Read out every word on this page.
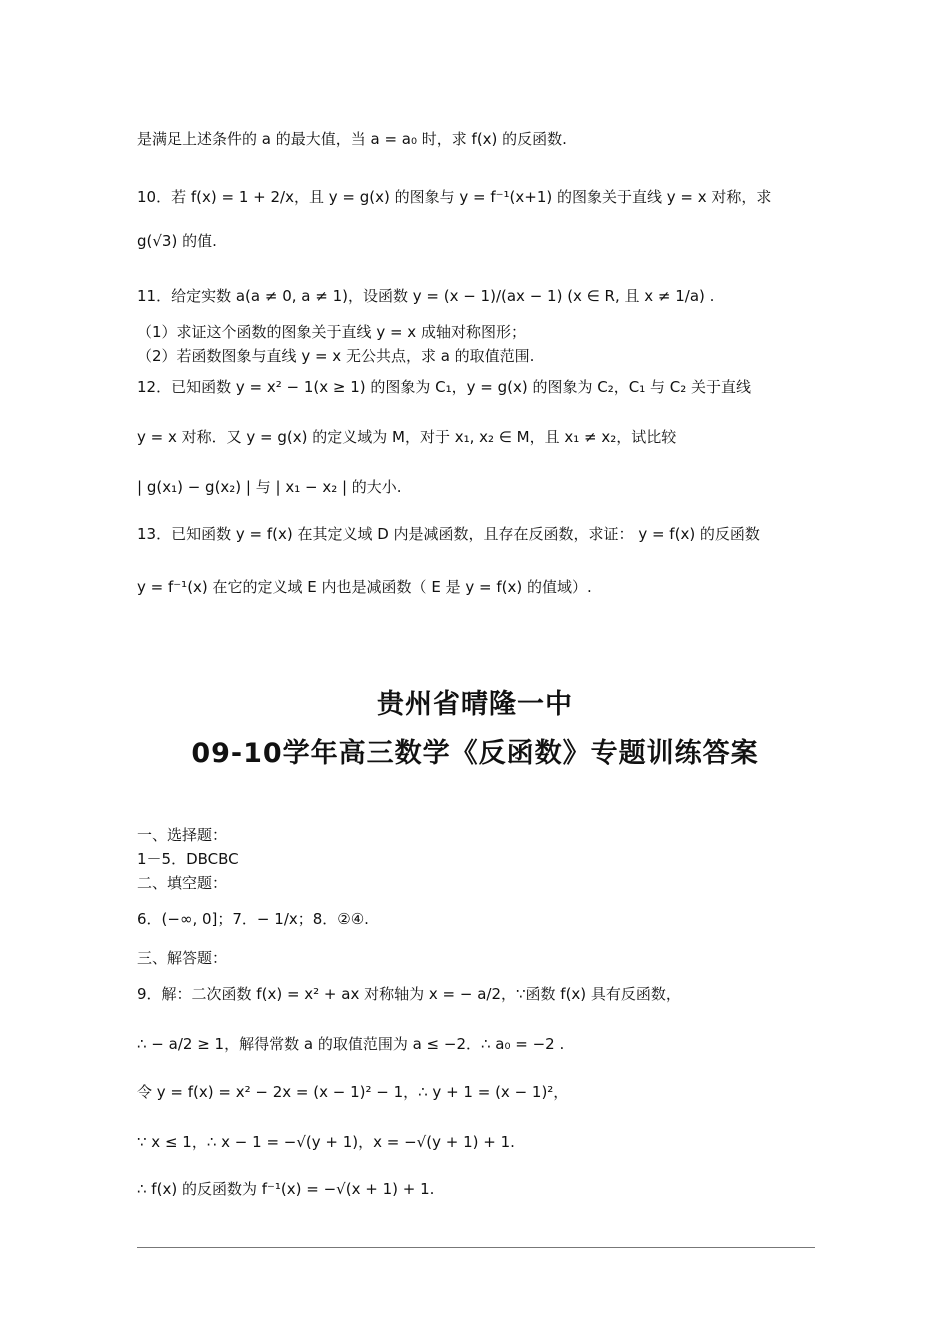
是满足上述条件的 a 的最大值，当 a = a₀ 时，求 f(x) 的反函数.
10．若 f(x) = 1 + 2/x，且 y = g(x) 的图象与 y = f⁻¹(x+1) 的图象关于直线 y = x 对称，求
g(√3) 的值.
11．给定实数 a(a ≠ 0, a ≠ 1)，设函数 y = (x − 1)/(ax − 1) (x ∈ R, 且 x ≠ 1/a) .
（1）求证这个函数的图象关于直线 y = x 成轴对称图形；
（2）若函数图象与直线 y = x 无公共点，求 a 的取值范围.
12．已知函数 y = x² − 1(x ≥ 1) 的图象为 C₁，y = g(x) 的图象为 C₂，C₁ 与 C₂ 关于直线
y = x 对称．又 y = g(x) 的定义域为 M，对于 x₁, x₂ ∈ M，且 x₁ ≠ x₂，试比较
| g(x₁) − g(x₂) | 与 | x₁ − x₂ | 的大小.
13．已知函数 y = f(x) 在其定义域 D 内是减函数，且存在反函数，求证： y = f(x) 的反函数
y = f⁻¹(x) 在它的定义域 E 内也是减函数（ E 是 y = f(x) 的值域）.
贵州省晴隆一中
09-10学年高三数学《反函数》专题训练答案
一、选择题：
1－5．DBCBC
二、填空题：
6．(−∞, 0]；7．− 1/x；8．②④.
三、解答题：
9．解：二次函数 f(x) = x² + ax 对称轴为 x = − a/2，∵函数 f(x) 具有反函数，
∴ − a/2 ≥ 1，解得常数 a 的取值范围为 a ≤ −2．∴ a₀ = −2 .
令 y = f(x) = x² − 2x = (x − 1)² − 1，∴ y + 1 = (x − 1)²，
∵ x ≤ 1，∴ x − 1 = −√(y + 1)，x = −√(y + 1) + 1.
∴ f(x) 的反函数为 f⁻¹(x) = −√(x + 1) + 1.
